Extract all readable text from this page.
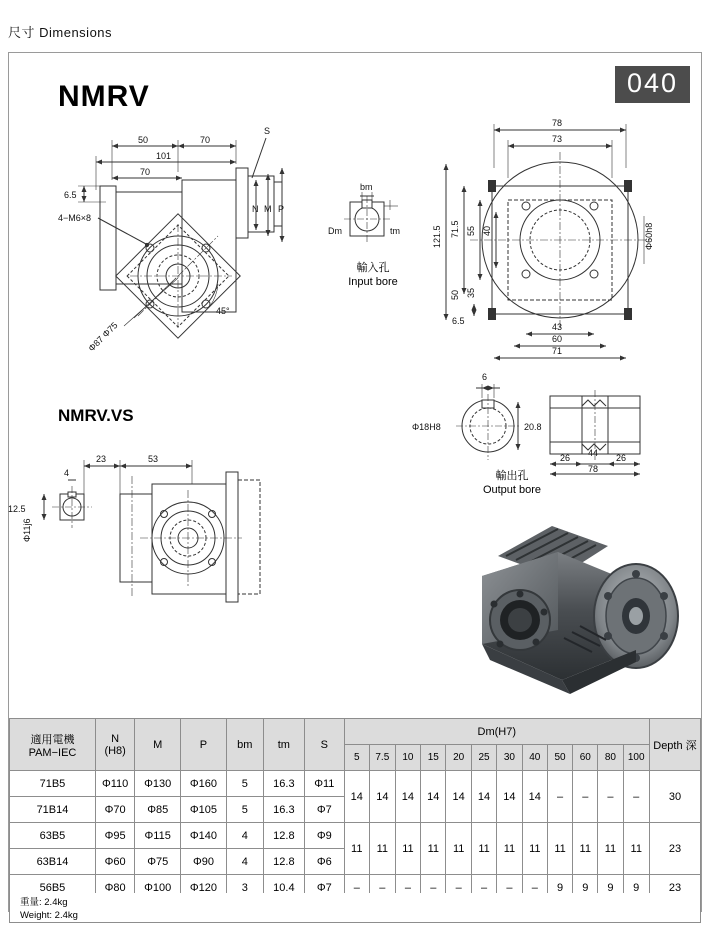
尺寸 Dimensions
NMRV
NMRV.VS
040
50	70
101
70
6.5
4−M6×8
Φ75
Φ87
45°
S
N M P
bm
Dm	tm
輸入孔
Input bore
78
73
121.5 71.5 55 40
50 35
6.5
43
60
71
Φ60h8
6
Φ18H8	20.8
26 44 26
78
輸出孔
Output bore
23	53
4
12.5
Φ11j6
適用電機
PAM−IEC

N
(H8)	M	P	bm	tm	S	Dm(H7)	Depth 深
							5	7.5	10	15	20	25	30	40	50	60	80	100	
71B5	Φ110	Φ130	Φ160	5	16.3	Φ11	14	14	14	14	14	14	14	14	–	–	–	–	30
71B14	Φ70	Φ85	Φ105	5	16.3	Φ7													
63B5	Φ95	Φ115	Φ140	4	12.8	Φ9	11	11	11	11	11	11	11	11	11	11	11	11	23
63B14	Φ60	Φ75	Φ90	4	12.8	Φ6													
56B5	Φ80	Φ100	Φ120	3	10.4	Φ7	–	–	–	–	–	–	–	–	9	9	9	9	23
重量: 2.4kg
Weight: 2.4kg
